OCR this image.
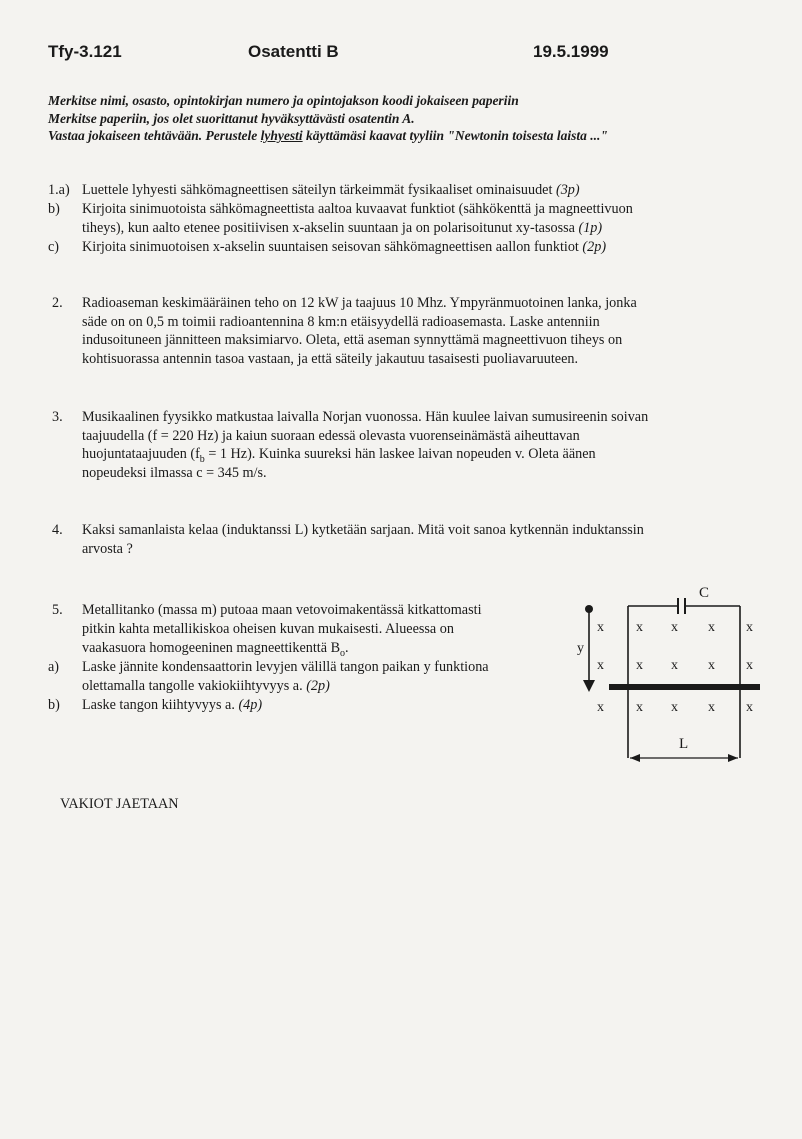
Tfy-3.121	Osatentti B	19.5.1999
Merkitse nimi, osasto, opintokirjan numero ja opintojakson koodi jokaiseen paperiin
Merkitse paperiin, jos olet suorittanut hyväksyttävästi osatentin A.
Vastaa jokaiseen tehtävään. Perustele lyhyesti käyttämäsi kaavat tyyliin "Newtonin toisesta laista ..."
1.a) Luettele lyhyesti sähkömagneettisen säteilyn tärkeimmät fysikaaliset ominaisuudet (3p)
b) Kirjoita sinimuotoista sähkömagneettista aaltoa kuvaavat funktiot (sähkökenttä ja magneettivuon
tiheys), kun aalto etenee positiivisen x-akselin suuntaan ja on polarisoitunut xy-tasossa (1p)
c) Kirjoita sinimuotoisen x-akselin suuntaisen seisovan sähkömagneettisen aallon funktiot (2p)
2. Radioaseman keskimääräinen teho on 12 kW ja taajuus 10 Mhz. Ympyränmuotoinen lanka, jonka
säde on on 0,5 m toimii radioantennina 8 km:n etäisyydellä radioasemasta. Laske antenniin
indusoituneen jännitteen maksimiarvo. Oleta, että aseman synnyttämä magneettivuon tiheys on
kohtisuorassa antennin tasoa vastaan, ja että säteily jakautuu tasaisesti puoliavaruuteen.
3. Musikaalinen fyysikko matkustaa laivalla Norjan vuonossa. Hän kuulee laivan sumusireenin soivan
taajuudella (f = 220 Hz) ja kaiun suoraan edessä olevasta vuorenseinämästä aiheuttavan
huojuntataajuuden ($f_b = 1$ Hz). Kuinka suureksi hän laskee laivan nopeuden v. Oleta äänen
nopeudeksi ilmassa c = 345 m/s.
4. Kaksi samanlaista kelaa (induktanssi L) kytketään sarjaan. Mitä voit sanoa kytkennän induktanssin
arvosta ?
5. Metallitanko (massa m) putoaa maan vetovoimakentässä kitkattomasti
pitkin kahta metallikiskoa oheisen kuvan mukaisesti. Alueessa on
vaakasuora homogeeninen magneettikenttä $B_o$.
a) Laske jännite kondensaattorin levyjen välillä tangon paikan y funktiona
olettamalla tangolle vakiokiihtyvyys a. (2p)
b) Laske tangon kiihtyvyys a. (4p)
C
y
L
x x x x x
x x x x x
x x x x x
VAKIOT JAETAAN
